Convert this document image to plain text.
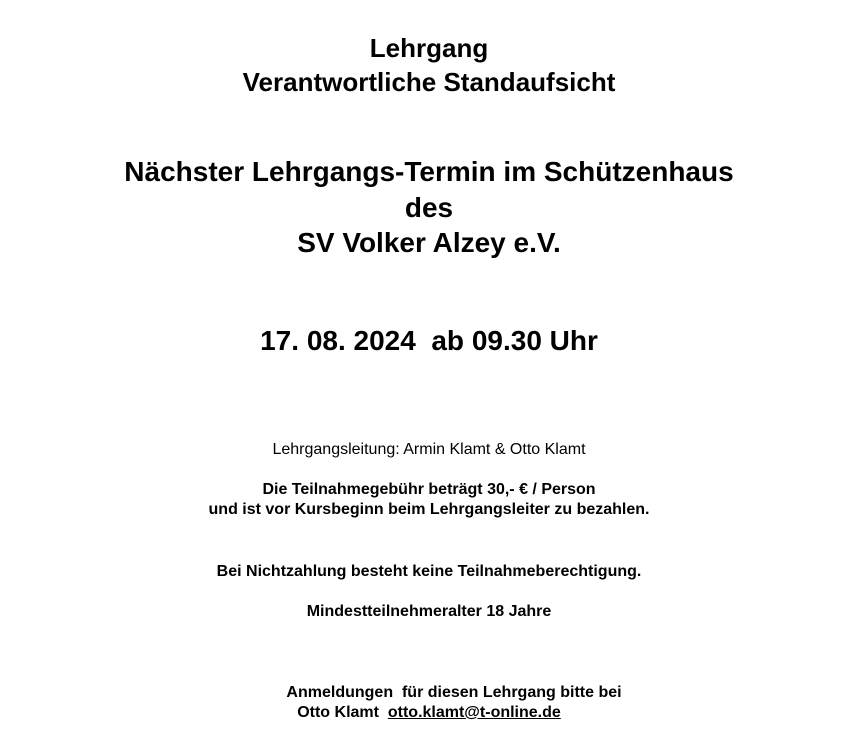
Lehrgang
Verantwortliche Standaufsicht
Nächster Lehrgangs-Termin im Schützenhaus
des
SV Volker Alzey e.V.
17. 08. 2024  ab 09.30 Uhr
Lehrgangsleitung: Armin Klamt & Otto Klamt
Die Teilnahmegebühr beträgt 30,- € / Person
und ist vor Kursbeginn beim Lehrgangsleiter zu bezahlen.
Bei Nichtzahlung besteht keine Teilnahmeberechtigung.
Mindestteilnehmeralter 18 Jahre
Anmeldungen  für diesen Lehrgang bitte bei
Otto Klamt otto.klamt@t-online.de
